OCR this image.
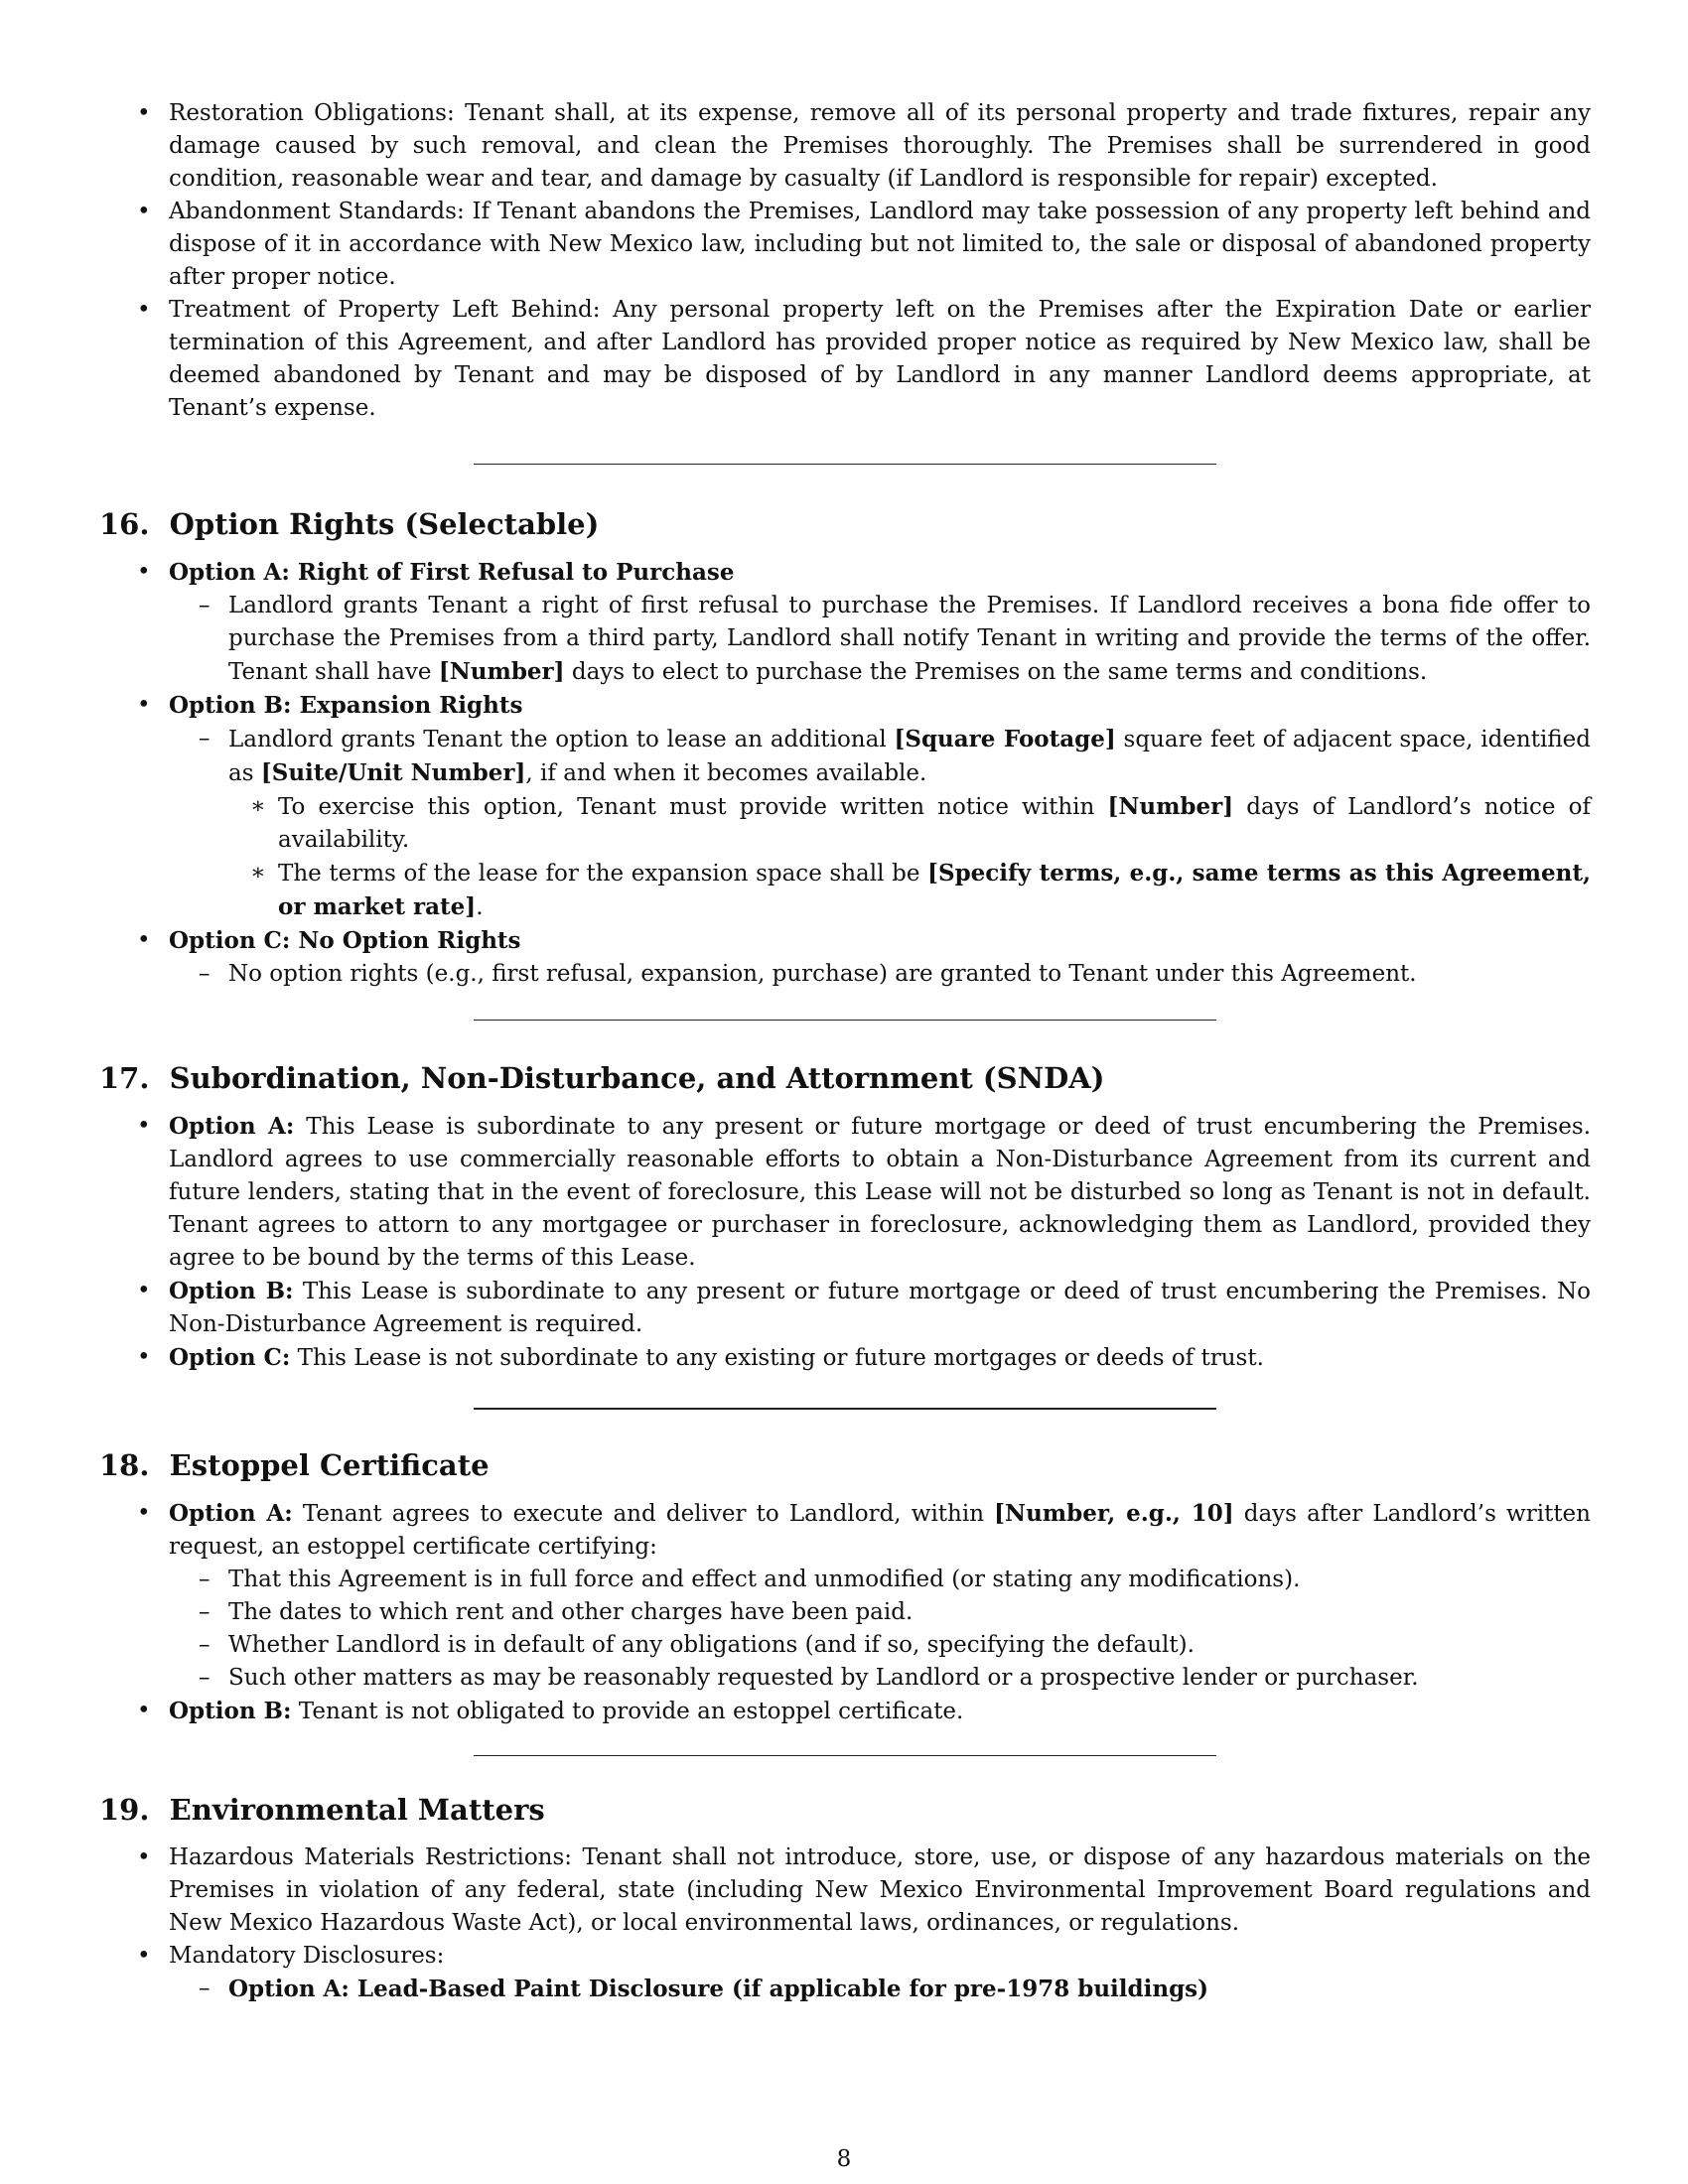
• Restoration Obligations: Tenant shall, at its expense, remove all of its personal property and trade fixtures, repair any damage caused by such removal, and clean the Premises thoroughly. The Premises shall be surrendered in good condition, reasonable wear and tear, and damage by casualty (if Landlord is responsible for repair) excepted.
• Abandonment Standards: If Tenant abandons the Premises, Landlord may take possession of any property left behind and dispose of it in accordance with New Mexico law, including but not limited to, the sale or disposal of abandoned property after proper notice.
• Treatment of Property Left Behind: Any personal property left on the Premises after the Expiration Date or earlier termination of this Agreement, and after Landlord has provided proper notice as required by New Mexico law, shall be deemed abandoned by Tenant and may be disposed of by Landlord in any manner Landlord deems appropriate, at Tenant’s expense.
16. Option Rights (Selectable)
• Option A: Right of First Refusal to Purchase
– Landlord grants Tenant a right of first refusal to purchase the Premises. If Landlord receives a bona fide offer to purchase the Premises from a third party, Landlord shall notify Tenant in writing and provide the terms of the offer. Tenant shall have [Number] days to elect to purchase the Premises on the same terms and conditions.
• Option B: Expansion Rights
– Landlord grants Tenant the option to lease an additional [Square Footage] square feet of adjacent space, identified as [Suite/Unit Number], if and when it becomes available.
∗ To exercise this option, Tenant must provide written notice within [Number] days of Landlord’s notice of availability.
∗ The terms of the lease for the expansion space shall be [Specify terms, e.g., same terms as this Agreement, or market rate].
• Option C: No Option Rights
– No option rights (e.g., first refusal, expansion, purchase) are granted to Tenant under this Agreement.
17. Subordination, Non-Disturbance, and Attornment (SNDA)
• Option A: This Lease is subordinate to any present or future mortgage or deed of trust encumbering the Premises. Landlord agrees to use commercially reasonable efforts to obtain a Non-Disturbance Agreement from its current and future lenders, stating that in the event of foreclosure, this Lease will not be disturbed so long as Tenant is not in default. Tenant agrees to attorn to any mortgagee or purchaser in foreclosure, acknowledging them as Landlord, provided they agree to be bound by the terms of this Lease.
• Option B: This Lease is subordinate to any present or future mortgage or deed of trust encumbering the Premises. No Non-Disturbance Agreement is required.
• Option C: This Lease is not subordinate to any existing or future mortgages or deeds of trust.
18. Estoppel Certificate
• Option A: Tenant agrees to execute and deliver to Landlord, within [Number, e.g., 10] days after Landlord’s written request, an estoppel certificate certifying:
– That this Agreement is in full force and effect and unmodified (or stating any modifications).
– The dates to which rent and other charges have been paid.
– Whether Landlord is in default of any obligations (and if so, specifying the default).
– Such other matters as may be reasonably requested by Landlord or a prospective lender or purchaser.
• Option B: Tenant is not obligated to provide an estoppel certificate.
19. Environmental Matters
• Hazardous Materials Restrictions: Tenant shall not introduce, store, use, or dispose of any hazardous materials on the Premises in violation of any federal, state (including New Mexico Environmental Improvement Board regulations and New Mexico Hazardous Waste Act), or local environmental laws, ordinances, or regulations.
• Mandatory Disclosures:
– Option A: Lead-Based Paint Disclosure (if applicable for pre-1978 buildings)
8
